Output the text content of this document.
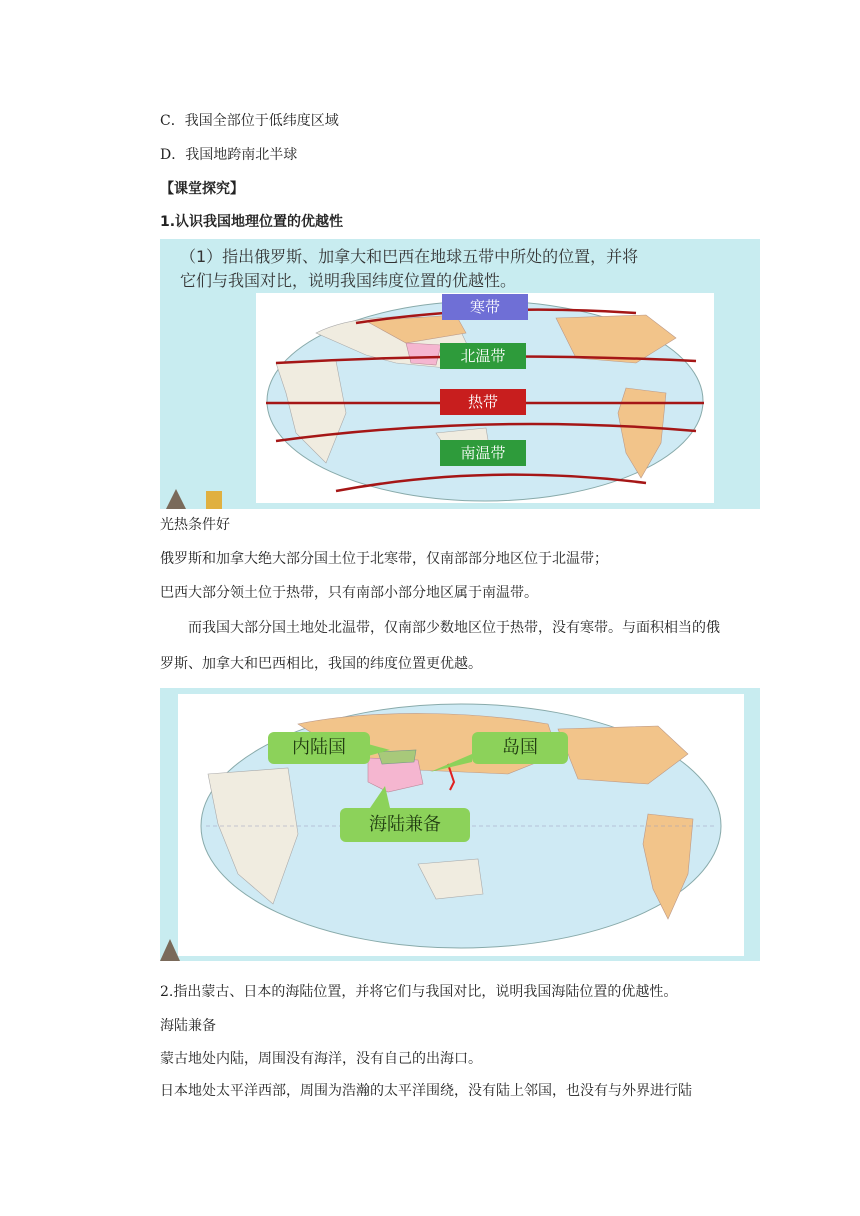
C．我国全部位于低纬度区域
D．我国地跨南北半球
【课堂探究】
1.认识我国地理位置的优越性
（1）指出俄罗斯、加拿大和巴西在地球五带中所处的位置，并将
它们与我国对比，说明我国纬度位置的优越性。
寒带
北温带
热带
南温带
光热条件好
俄罗斯和加拿大绝大部分国土位于北寒带，仅南部部分地区位于北温带；
巴西大部分领土位于热带，只有南部小部分地区属于南温带。
而我国大部分国土地处北温带，仅南部少数地区位于热带，没有寒带。与面积相当的俄
罗斯、加拿大和巴西相比，我国的纬度位置更优越。
内陆国	岛国
海陆兼备
2.指出蒙古、日本的海陆位置，并将它们与我国对比，说明我国海陆位置的优越性。
海陆兼备
蒙古地处内陆，周围没有海洋，没有自己的出海口。
日本地处太平洋西部，周围为浩瀚的太平洋围绕，没有陆上邻国，也没有与外界进行陆
